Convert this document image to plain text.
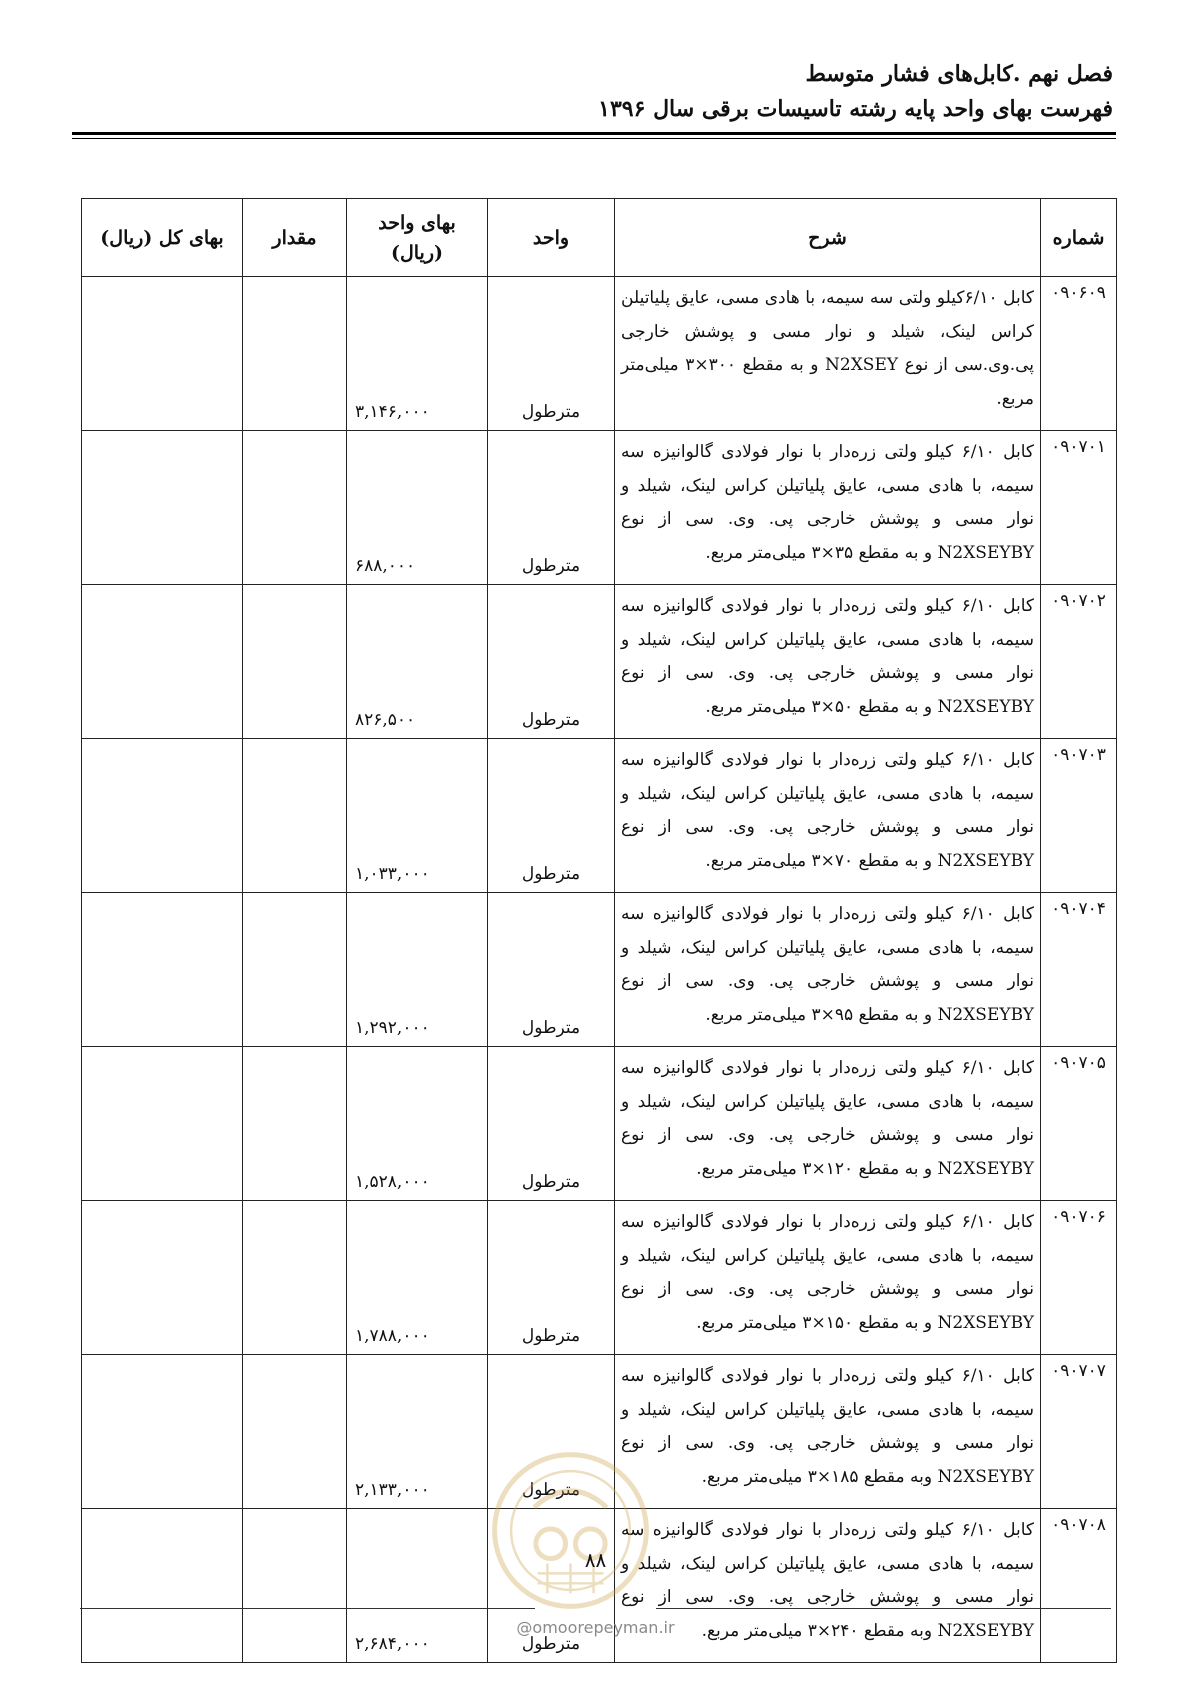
فصل نهم .کابل‌های فشار متوسط
فهرست بهای واحد پایه رشته تاسیسات برقی سال ۱۳۹۶
شماره	شرح	واحد	بهای واحد (ریال)	مقدار	بهای کل (ریال)
۰۹۰۶۰۹	کابل ۶/۱۰کیلو ولتی سه سیمه، با هادی مسی، عایق پلیاتیلن کراس لینک، شیلد و نوار مسی و پوشش خارجی پی.وی.سی از نوع N2XSEY و به مقطع ۳۰۰×۳ میلی‌متر مربع.	مترطول	۳,۱۴۶,۰۰۰		
۰۹۰۷۰۱	کابل ۶/۱۰ کیلو ولتی زره‌دار با نوار فولادی گالوانیزه سه سیمه، با هادی مسی، عایق پلیاتیلن کراس لینک، شیلد و نوار مسی و پوشش خارجی پی. وی. سی از نوع N2XSEYBY و به مقطع ۳۵×۳ میلی‌متر مربع.	مترطول	۶۸۸,۰۰۰		
۰۹۰۷۰۲	کابل ۶/۱۰ کیلو ولتی زره‌دار با نوار فولادی گالوانیزه سه سیمه، با هادی مسی، عایق پلیاتیلن کراس لینک، شیلد و نوار مسی و پوشش خارجی پی. وی. سی از نوع N2XSEYBY و به مقطع ۵۰×۳ میلی‌متر مربع.	مترطول	۸۲۶,۵۰۰		
۰۹۰۷۰۳	کابل ۶/۱۰ کیلو ولتی زره‌دار با نوار فولادی گالوانیزه سه سیمه، با هادی مسی، عایق پلیاتیلن کراس لینک، شیلد و نوار مسی و پوشش خارجی پی. وی. سی از نوع N2XSEYBY و به مقطع ۷۰×۳ میلی‌متر مربع.	مترطول	۱,۰۳۳,۰۰۰		
۰۹۰۷۰۴	کابل ۶/۱۰ کیلو ولتی زره‌دار با نوار فولادی گالوانیزه سه سیمه، با هادی مسی، عایق پلیاتیلن کراس لینک، شیلد و نوار مسی و پوشش خارجی پی. وی. سی از نوع N2XSEYBY و به مقطع ۹۵×۳ میلی‌متر مربع.	مترطول	۱,۲۹۲,۰۰۰		
۰۹۰۷۰۵	کابل ۶/۱۰ کیلو ولتی زره‌دار با نوار فولادی گالوانیزه سه سیمه، با هادی مسی، عایق پلیاتیلن کراس لینک، شیلد و نوار مسی و پوشش خارجی پی. وی. سی از نوع N2XSEYBY و به مقطع ۱۲۰×۳ میلی‌متر مربع.	مترطول	۱,۵۲۸,۰۰۰		
۰۹۰۷۰۶	کابل ۶/۱۰ کیلو ولتی زره‌دار با نوار فولادی گالوانیزه سه سیمه، با هادی مسی، عایق پلیاتیلن کراس لینک، شیلد و نوار مسی و پوشش خارجی پی. وی. سی از نوع N2XSEYBY و به مقطع ۱۵۰×۳ میلی‌متر مربع.	مترطول	۱,۷۸۸,۰۰۰		
۰۹۰۷۰۷	کابل ۶/۱۰ کیلو ولتی زره‌دار با نوار فولادی گالوانیزه سه سیمه، با هادی مسی، عایق پلیاتیلن کراس لینک، شیلد و نوار مسی و پوشش خارجی پی. وی. سی از نوع N2XSEYBY وبه مقطع ۱۸۵×۳ میلی‌متر مربع.	مترطول	۲,۱۳۳,۰۰۰		
۰۹۰۷۰۸	کابل ۶/۱۰ کیلو ولتی زره‌دار با نوار فولادی گالوانیزه سه سیمه، با هادی مسی، عایق پلیاتیلن کراس لینک، شیلد و نوار مسی و پوشش خارجی پی. وی. سی از نوع N2XSEYBY وبه مقطع ۲۴۰×۳ میلی‌متر مربع.	مترطول	۲,۶۸۴,۰۰۰		
۸۸
@omoorepeyman.ir
